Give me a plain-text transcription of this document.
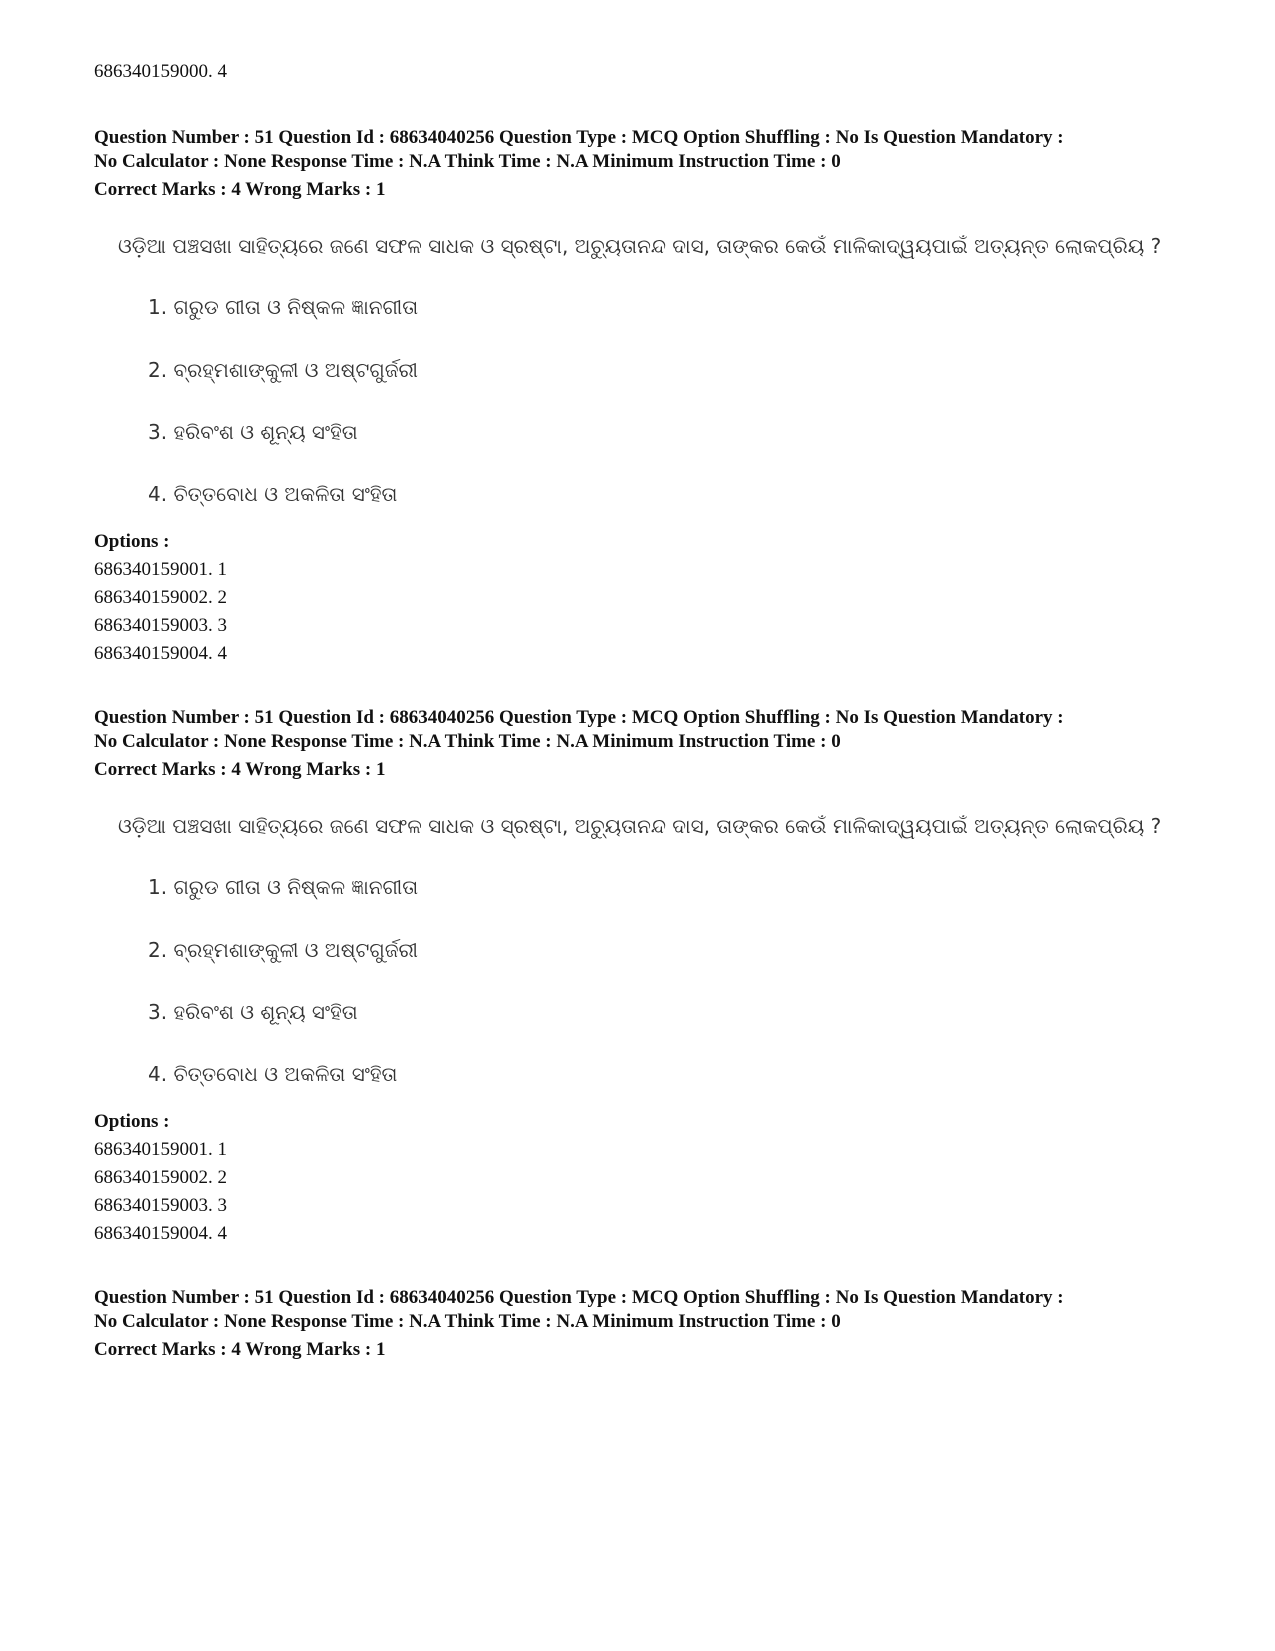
686340159000. 4
Question Number : 51 Question Id : 68634040256 Question Type : MCQ Option Shuffling : No Is Question Mandatory :
No Calculator : None Response Time : N.A Think Time : N.A Minimum Instruction Time : 0
Correct Marks : 4 Wrong Marks : 1
ଓଡ଼ିଆ ପଞ୍ଚସଖା ସାହିତ୍ୟରେ ଜଣେ ସଫଳ ସାଧକ ଓ ସ୍ରଷ୍ଟା, ଅଚ୍ୟୁତାନନ୍ଦ ଦାସ, ତାଙ୍କର କେଉଁ ମାଳିକାଦ୍ୱୟପାଇଁ ଅତ୍ୟନ୍ତ ଲୋକପ୍ରିୟ ?
1. ଗରୁଡ ଗୀତା ଓ ନିଷ୍କଳ ଜ୍ଞାନଗୀତା
2. ବ୍ରହ୍ମଶାଙ୍କୁଳୀ ଓ ଅଷ୍ଟଗୁର୍ଜରୀ
3. ହରିବଂଶ ଓ ଶୂନ୍ୟ ସଂହିତା
4. ଚିତ୍ତବୋଧ ଓ ଅକଳିତା ସଂହିତା
Options :
686340159001. 1
686340159002. 2
686340159003. 3
686340159004. 4
Question Number : 51 Question Id : 68634040256 Question Type : MCQ Option Shuffling : No Is Question Mandatory :
No Calculator : None Response Time : N.A Think Time : N.A Minimum Instruction Time : 0
Correct Marks : 4 Wrong Marks : 1
ଓଡ଼ିଆ ପଞ୍ଚସଖା ସାହିତ୍ୟରେ ଜଣେ ସଫଳ ସାଧକ ଓ ସ୍ରଷ୍ଟା, ଅଚ୍ୟୁତାନନ୍ଦ ଦାସ, ତାଙ୍କର କେଉଁ ମାଳିକାଦ୍ୱୟପାଇଁ ଅତ୍ୟନ୍ତ ଲୋକପ୍ରିୟ ?
1. ଗରୁଡ ଗୀତା ଓ ନିଷ୍କଳ ଜ୍ଞାନଗୀତା
2. ବ୍ରହ୍ମଶାଙ୍କୁଳୀ ଓ ଅଷ୍ଟଗୁର୍ଜରୀ
3. ହରିବଂଶ ଓ ଶୂନ୍ୟ ସଂହିତା
4. ଚିତ୍ତବୋଧ ଓ ଅକଳିତା ସଂହିତା
Options :
686340159001. 1
686340159002. 2
686340159003. 3
686340159004. 4
Question Number : 51 Question Id : 68634040256 Question Type : MCQ Option Shuffling : No Is Question Mandatory :
No Calculator : None Response Time : N.A Think Time : N.A Minimum Instruction Time : 0
Correct Marks : 4 Wrong Marks : 1
